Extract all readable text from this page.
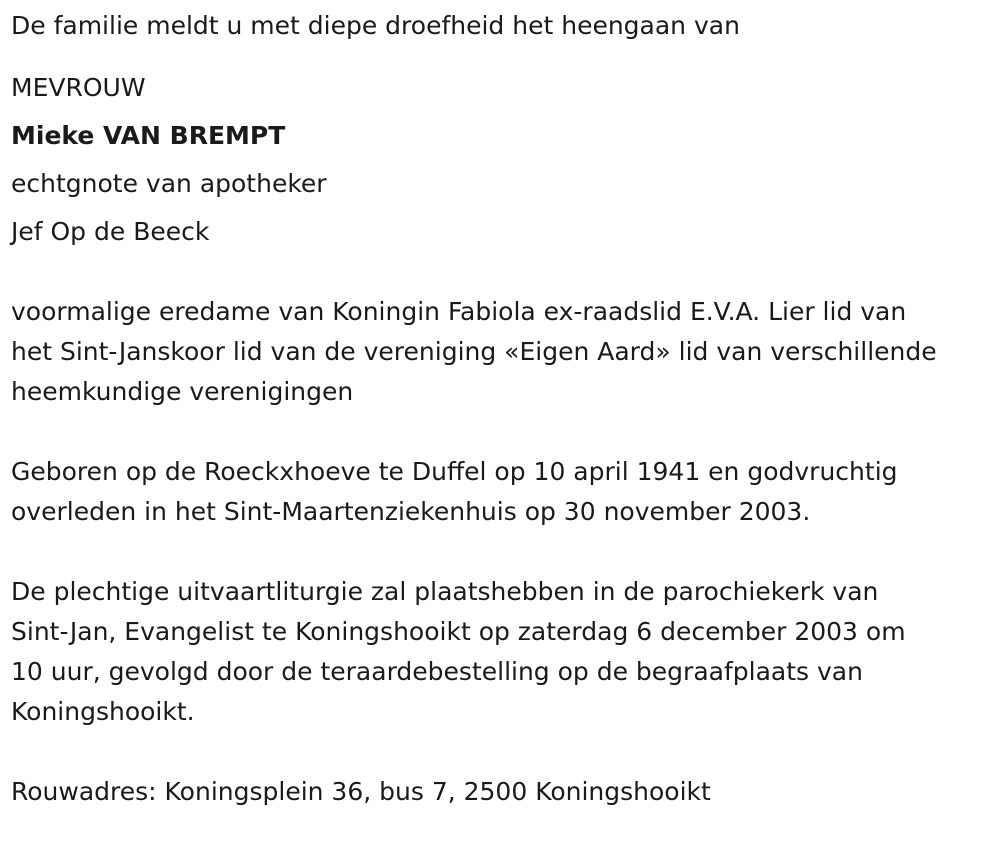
De familie meldt u met diepe droefheid het heengaan van

MEVROUW

Mieke VAN BREMPT

echtgnote van apotheker

Jef Op de Beeck

voormalige eredame van Koningin Fabiola ex-raadslid E.V.A. Lier lid van

het Sint-Janskoor lid van de vereniging «Eigen Aard» lid van verschillende

heemkundige verenigingen

Geboren op de Roeckxhoeve te Duffel op 10 april 1941 en godvruchtig

overleden in het Sint-Maartenziekenhuis op 30 november 2003.

De plechtige uitvaartliturgie zal plaatshebben in de parochiekerk van

Sint-Jan, Evangelist te Koningshooikt op zaterdag 6 december 2003 om

10 uur, gevolgd door de teraardebestelling op de begraafplaats van

Koningshooikt.

Rouwadres: Koningsplein 36, bus 7, 2500 Koningshooikt
